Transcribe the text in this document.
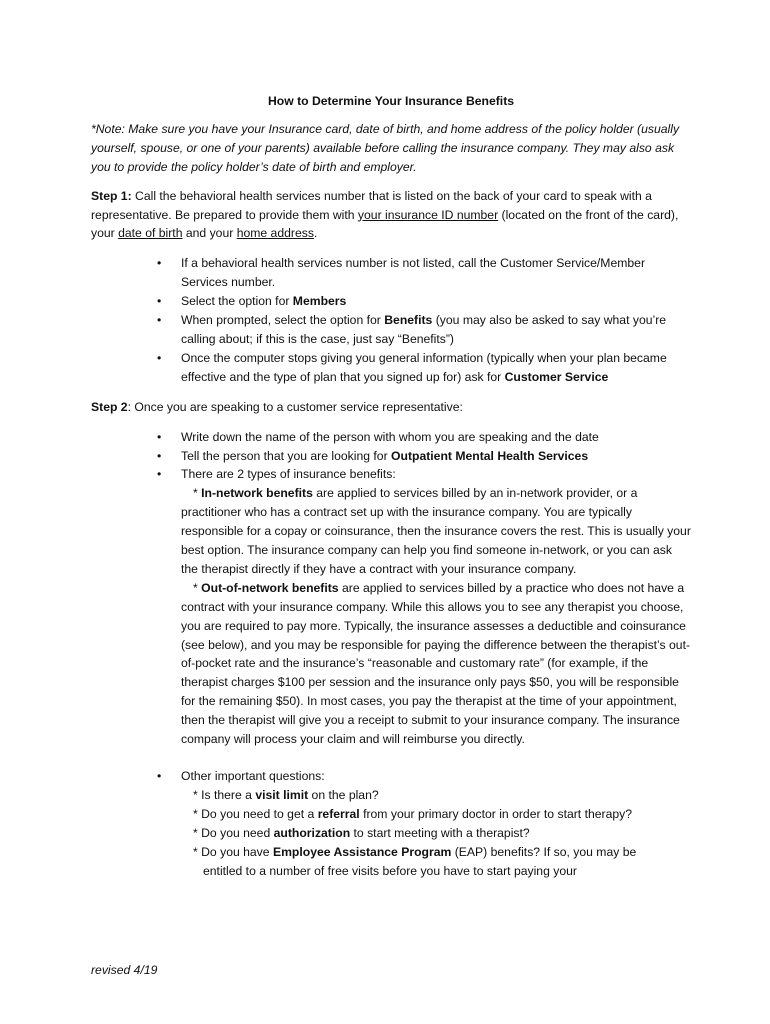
How to Determine Your Insurance Benefits
*Note: Make sure you have your Insurance card, date of birth, and home address of the policy holder (usually yourself, spouse, or one of your parents) available before calling the insurance company. They may also ask you to provide the policy holder’s date of birth and employer.
Step 1: Call the behavioral health services number that is listed on the back of your card to speak with a representative. Be prepared to provide them with your insurance ID number (located on the front of the card), your date of birth and your home address.
• If a behavioral health services number is not listed, call the Customer Service/Member Services number.
• Select the option for Members
• When prompted, select the option for Benefits (you may also be asked to say what you’re calling about; if this is the case, just say “Benefits”)
• Once the computer stops giving you general information (typically when your plan became effective and the type of plan that you signed up for) ask for Customer Service
Step 2: Once you are speaking to a customer service representative:
• Write down the name of the person with whom you are speaking and the date
• Tell the person that you are looking for Outpatient Mental Health Services
• There are 2 types of insurance benefits:
* In-network benefits are applied to services billed by an in-network provider, or a practitioner who has a contract set up with the insurance company. You are typically responsible for a copay or coinsurance, then the insurance covers the rest. This is usually your best option. The insurance company can help you find someone in-network, or you can ask the therapist directly if they have a contract with your insurance company.
* Out-of-network benefits are applied to services billed by a practice who does not have a contract with your insurance company. While this allows you to see any therapist you choose, you are required to pay more. Typically, the insurance assesses a deductible and coinsurance (see below), and you may be responsible for paying the difference between the therapist’s out-of-pocket rate and the insurance’s “reasonable and customary rate” (for example, if the therapist charges $100 per session and the insurance only pays $50, you will be responsible for the remaining $50). In most cases, you pay the therapist at the time of your appointment, then the therapist will give you a receipt to submit to your insurance company. The insurance company will process your claim and will reimburse you directly.
• Other important questions:
* Is there a visit limit on the plan?
* Do you need to get a referral from your primary doctor in order to start therapy?
* Do you need authorization to start meeting with a therapist?
* Do you have Employee Assistance Program (EAP) benefits? If so, you may be
entitled to a number of free visits before you have to start paying your
revised 4/19
